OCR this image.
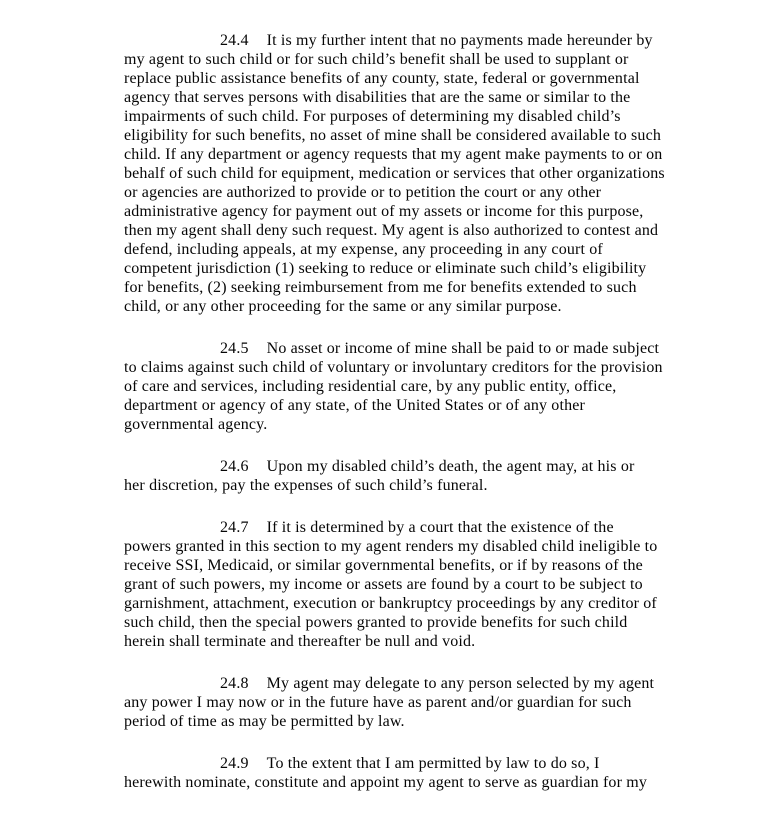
24.4 It is my further intent that no payments made hereunder by
my agent to such child or for such child’s benefit shall be used to supplant or
replace public assistance benefits of any county, state, federal or governmental
agency that serves persons with disabilities that are the same or similar to the
impairments of such child. For purposes of determining my disabled child’s
eligibility for such benefits, no asset of mine shall be considered available to such
child. If any department or agency requests that my agent make payments to or on
behalf of such child for equipment, medication or services that other organizations
or agencies are authorized to provide or to petition the court or any other
administrative agency for payment out of my assets or income for this purpose,
then my agent shall deny such request. My agent is also authorized to contest and
defend, including appeals, at my expense, any proceeding in any court of
competent jurisdiction (1) seeking to reduce or eliminate such child’s eligibility
for benefits, (2) seeking reimbursement from me for benefits extended to such
child, or any other proceeding for the same or any similar purpose.
24.5 No asset or income of mine shall be paid to or made subject
to claims against such child of voluntary or involuntary creditors for the provision
of care and services, including residential care, by any public entity, office,
department or agency of any state, of the United States or of any other
governmental agency.
24.6 Upon my disabled child’s death, the agent may, at his or
her discretion, pay the expenses of such child’s funeral.
24.7 If it is determined by a court that the existence of the
powers granted in this section to my agent renders my disabled child ineligible to
receive SSI, Medicaid, or similar governmental benefits, or if by reasons of the
grant of such powers, my income or assets are found by a court to be subject to
garnishment, attachment, execution or bankruptcy proceedings by any creditor of
such child, then the special powers granted to provide benefits for such child
herein shall terminate and thereafter be null and void.
24.8 My agent may delegate to any person selected by my agent
any power I may now or in the future have as parent and/or guardian for such
period of time as may be permitted by law.
24.9 To the extent that I am permitted by law to do so, I
herewith nominate, constitute and appoint my agent to serve as guardian for my
